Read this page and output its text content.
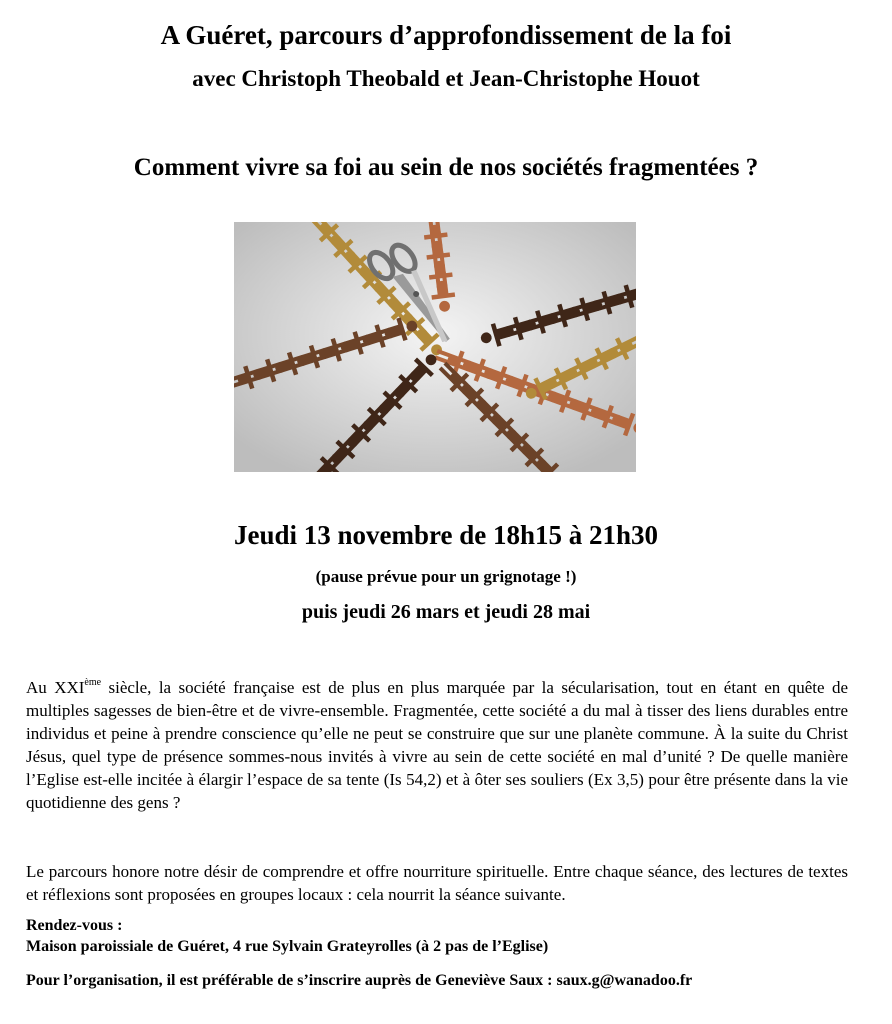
A Guéret, parcours d’approfondissement de la foi
avec Christoph Theobald et Jean-Christophe Houot
Comment vivre sa foi au sein de nos sociétés fragmentées ?
Jeudi 13 novembre de 18h15 à 21h30
(pause prévue pour un grignotage !)
puis jeudi 26 mars et jeudi 28 mai
Au XXIème siècle, la société française est de plus en plus marquée par la sécularisation, tout en étant en quête de multiples sagesses de bien-être et de vivre-ensemble. Fragmentée, cette société a du mal à tisser des liens durables entre individus et peine à prendre conscience qu’elle ne peut se construire que sur une planète commune. À la suite du Christ Jésus, quel type de présence sommes-nous invités à vivre au sein de cette société en mal d’unité ? De quelle manière l’Eglise est-elle incitée à élargir l’espace de sa tente (Is 54,2) et à ôter ses souliers (Ex 3,5) pour être présente dans la vie quotidienne des gens ?
Le parcours honore notre désir de comprendre et offre nourriture spirituelle. Entre chaque séance, des lectures de textes et réflexions sont proposées en groupes locaux : cela nourrit la séance suivante.
Rendez-vous :
Maison paroissiale de Guéret, 4 rue Sylvain Grateyrolles (à 2 pas de l’Eglise)
Pour l’organisation, il est préférable de s’inscrire auprès de Geneviève Saux : saux.g@wanadoo.fr
